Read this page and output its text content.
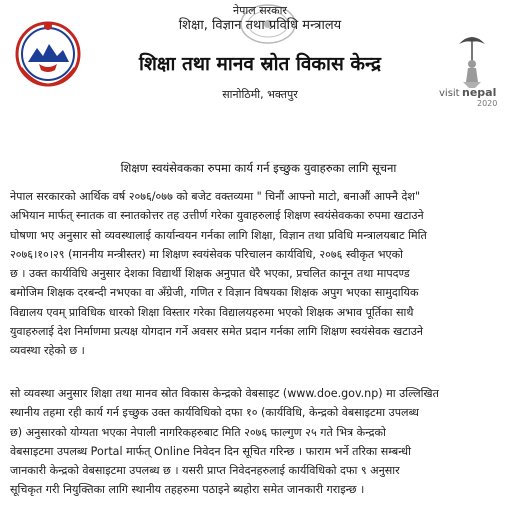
नेपाल सरकार
शिक्षा, विज्ञान तथा प्रविधि मन्त्रालय
शिक्षा तथा मानव स्रोत विकास केन्द्र
सानोठिमी, भक्तपुर	visit nepal
2020
शिक्षण स्वयंसेवकका रुपमा कार्य गर्न इच्छुक युवाहरुका लागि सूचना
नेपाल सरकारको आर्थिक वर्ष २०७६/०७७ को बजेट वक्तव्यमा " चिनौं आफ्नो माटो, बनाऔं आफ्नै देश"
अभियान मार्फत् स्नातक वा स्नातकोत्तर तह उत्तीर्ण गरेका युवाहरुलाई शिक्षण स्वयंसेवकका रुपमा खटाउने
घोषणा भए अनुसार सो व्यवस्थालाई कार्यान्वयन गर्नका लागि शिक्षा, विज्ञान तथा प्रविधि मन्त्रालयबाट मिति
२०७६।१०।२९ (माननीय मन्त्रीस्तर) मा शिक्षण स्वयंसेवक परिचालन कार्यविधि, २०७६ स्वीकृत भएको
छ । उक्त कार्यविधि अनुसार देशका विद्यार्थी शिक्षक अनुपात धेरै भएका, प्रचलित कानून तथा मापदण्ड
बमोजिम शिक्षक दरबन्दी नभएका वा अँग्रेजी, गणित र विज्ञान विषयका शिक्षक अपुग भएका सामुदायिक
विद्यालय एवम् प्राविधिक धारको शिक्षा विस्तार गरेका विद्यालयहरुमा भएको शिक्षक अभाव पूर्तिका साथै
युवाहरुलाई देश निर्माणमा प्रत्यक्ष योगदान गर्ने अवसर समेत प्रदान गर्नका लागि शिक्षण स्वयंसेवक खटाउने
व्यवस्था रहेको छ ।
सो व्यवस्था अनुसार शिक्षा तथा मानव स्रोत विकास केन्द्रको वेबसाइट (www.doe.gov.np) मा उल्लिखित
स्थानीय तहमा रही कार्य गर्न इच्छुक उक्त कार्यविधिको दफा १० (कार्यविधि, केन्द्रको वेबसाइटमा उपलब्ध
छ) अनुसारको योग्यता भएका नेपाली नागरिकहरुबाट मिति २०७६ फाल्गुण २५ गते भित्र केन्द्रको
वेबसाइटमा उपलब्ध Portal मार्फत् Online निवेदन दिन सूचित गरिन्छ । फाराम भर्ने तरिका सम्बन्धी
जानकारी केन्द्रको वेबसाइटमा उपलब्ध छ । यसरी प्राप्त निवेदनहरुलाई कार्यविधिको दफा ९ अनुसार
सूचिकृत गरी नियुक्तिका लागि स्थानीय तहहरुमा पठाइने ब्यहोरा समेत जानकारी गराइन्छ ।
